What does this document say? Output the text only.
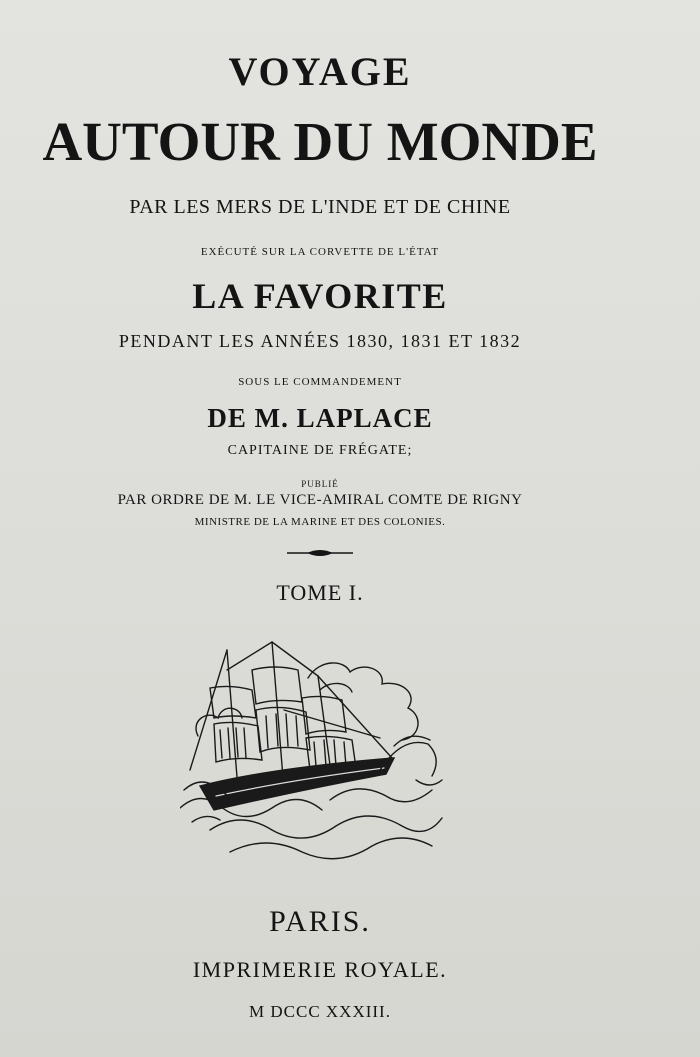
VOYAGE
AUTOUR DU MONDE
PAR LES MERS DE L'INDE ET DE CHINE
EXÉCUTÉ SUR LA CORVETTE DE L'ÉTAT
LA FAVORITE
PENDANT LES ANNÉES 1830, 1831 ET 1832
SOUS LE COMMANDEMENT
DE M. LAPLACE
CAPITAINE DE FRÉGATE;
PUBLIÉ
PAR ORDRE DE M. LE VICE-AMIRAL COMTE DE RIGNY
MINISTRE DE LA MARINE ET DES COLONIES.
TOME I.
PARIS.
IMPRIMERIE ROYALE.
M DCCC XXXIII.
